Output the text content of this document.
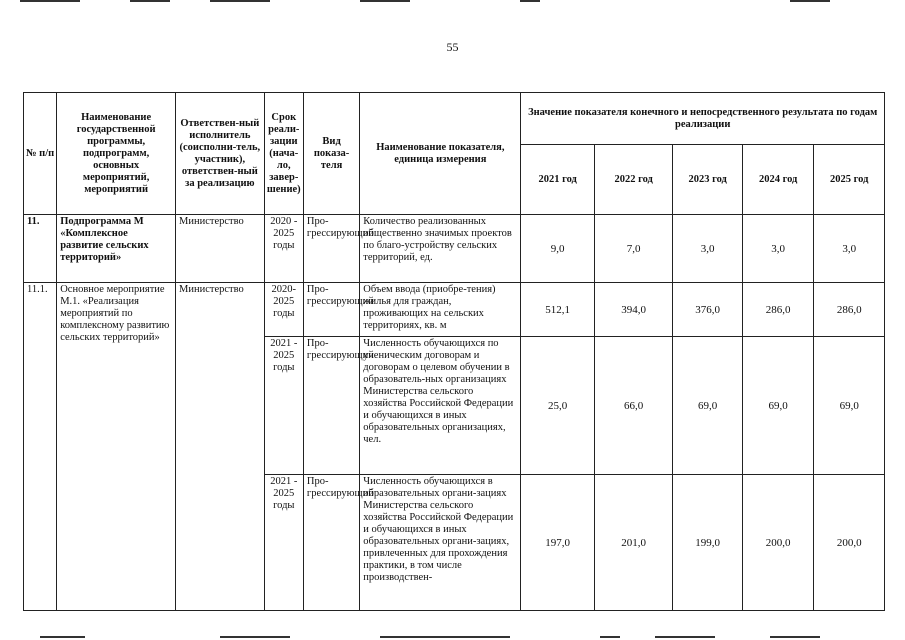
55
№ п/п	Наименование государственной программы, подпрограмм, основных мероприятий, мероприятий	Ответствен-ный исполнитель (соисполни-тель, участник), ответствен-ный за реализацию	Срок реали-зации (нача-ло, завер-шение)	Вид показа-теля	Наименование показателя, единица измерения	Значение показателя конечного и непосредственного результата по годам реализации				
						2021 год	2022 год	2023 год	2024 год	2025 год
11.	Подпрограмма М «Комплексное развитие сельских территорий»	Министерство	2020 - 2025 годы	Про-грессирующий	Количество реализованных общественно значимых проектов по благо-устройству сельских территорий, ед.	9,0	7,0	3,0	3,0	3,0
11.1.	Основное мероприятие М.1. «Реализация мероприятий по комплексному развитию сельских территорий»	Министерство	2020-2025 годы	Про-грессирующий	Объем ввода (приобре-тения) жилья для граждан, проживающих на сельских территориях, кв. м	512,1	394,0	376,0	286,0	286,0
			2021 - 2025 годы	Про-грессирующий	Численность обучающихся по ученическим договорам и договорам о целевом обучении в образователь-ных организациях Министерства сельского хозяйства Российской Федерации и обучающихся в иных образовательных организациях, чел.	25,0	66,0	69,0	69,0	69,0
			2021 - 2025 годы	Про-грессирующий	Численность обучающихся в образовательных органи-зациях Министерства сельского хозяйства Российской Федерации и обучающихся в иных образовательных органи-зациях, привлеченных для прохождения практики, в том числе производствен-	197,0	201,0	199,0	200,0	200,0
